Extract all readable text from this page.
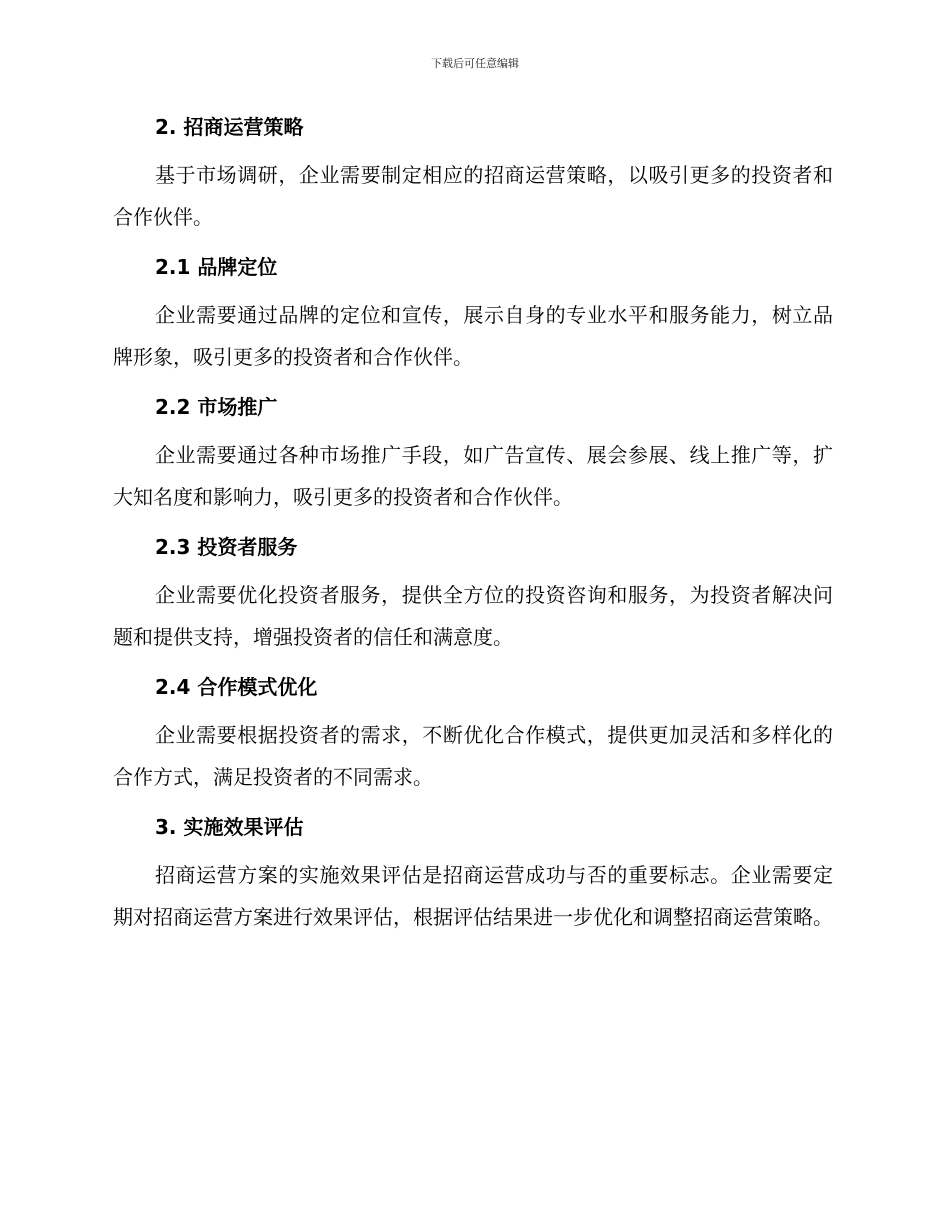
下载后可任意编辑
2. 招商运营策略

基于市场调研，企业需要制定相应的招商运营策略，以吸引更多的投资者和合作伙伴。

2.1 品牌定位

企业需要通过品牌的定位和宣传，展示自身的专业水平和服务能力，树立品牌形象，吸引更多的投资者和合作伙伴。

2.2 市场推广

企业需要通过各种市场推广手段，如广告宣传、展会参展、线上推广等，扩大知名度和影响力，吸引更多的投资者和合作伙伴。

2.3 投资者服务

企业需要优化投资者服务，提供全方位的投资咨询和服务，为投资者解决问题和提供支持，增强投资者的信任和满意度。

2.4 合作模式优化

企业需要根据投资者的需求，不断优化合作模式，提供更加灵活和多样化的合作方式，满足投资者的不同需求。

3. 实施效果评估

招商运营方案的实施效果评估是招商运营成功与否的重要标志。企业需要定期对招商运营方案进行效果评估，根据评估结果进一步优化和调整招商运营策略。
